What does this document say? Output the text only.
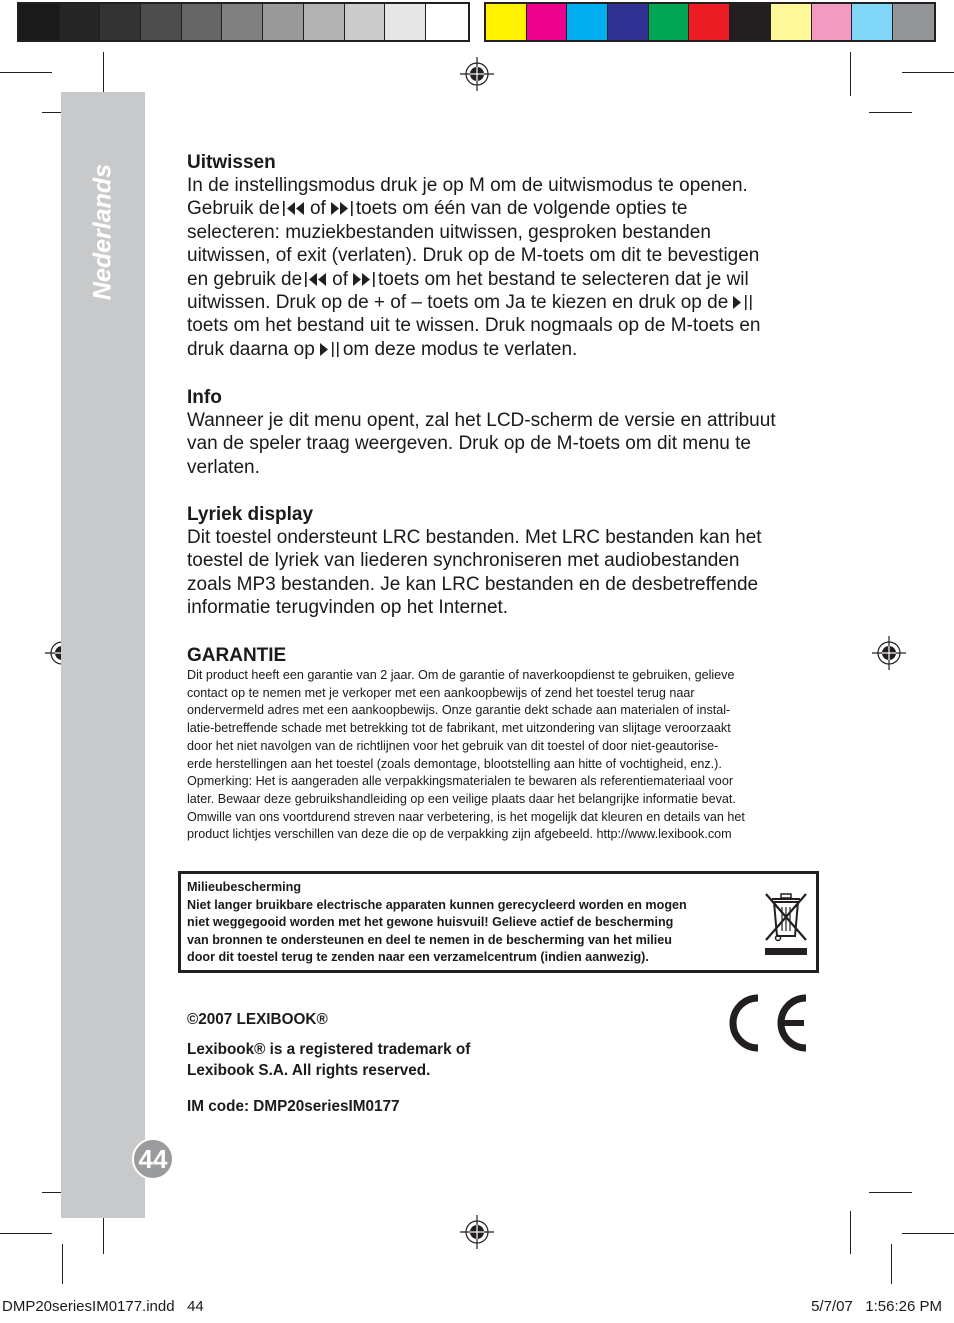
Nederlands
44
Uitwissen
In de instellingsmodus druk je op M om de uitwismodus te openen.
Gebruik de of toets om één van de volgende opties te
selecteren: muziekbestanden uitwissen, gesproken bestanden
uitwissen, of exit (verlaten). Druk op de M-toets om dit te bevestigen
en gebruik de of toets om het bestand te selecteren dat je wil
uitwissen. Druk op de + of – toets om Ja te kiezen en druk op de
toets om het bestand uit te wissen. Druk nogmaals op de M-toets en
druk daarna op om deze modus te verlaten.
Info
Wanneer je dit menu opent, zal het LCD-scherm de versie en attribuut
van de speler traag weergeven. Druk op de M-toets om dit menu te
verlaten.
Lyriek display
Dit toestel ondersteunt LRC bestanden. Met LRC bestanden kan het
toestel de lyriek van liederen synchroniseren met audiobestanden
zoals MP3 bestanden. Je kan LRC bestanden en de desbetreffende
informatie terugvinden op het Internet.
GARANTIE
Dit product heeft een garantie van 2 jaar. Om de garantie of naverkoopdienst te gebruiken, gelieve
contact op te nemen met je verkoper met een aankoopbewijs of zend het toestel terug naar
ondervermeld adres met een aankoopbewijs. Onze garantie dekt schade aan materialen of instal-
latie-betreffende schade met betrekking tot de fabrikant, met uitzondering van slijtage veroorzaakt
door het niet navolgen van de richtlijnen voor het gebruik van dit toestel of door niet-geautorise-
erde herstellingen aan het toestel (zoals demontage, blootstelling aan hitte of vochtigheid, enz.).
Opmerking: Het is aangeraden alle verpakkingsmaterialen te bewaren als referentiemateriaal voor
later. Bewaar deze gebruikshandleiding op een veilige plaats daar het belangrijke informatie bevat.
Omwille van ons voortdurend streven naar verbetering, is het mogelijk dat kleuren en details van het
product lichtjes verschillen van deze die op de verpakking zijn afgebeeld. http://www.lexibook.com
Milieubescherming
Niet langer bruikbare electrische apparaten kunnen gerecycleerd worden en mogen
niet weggegooid worden met het gewone huisvuil! Gelieve actief de bescherming
van bronnen te ondersteunen en deel te nemen in de bescherming van het milieu
door dit toestel terug te zenden naar een verzamelcentrum (indien aanwezig).
©2007 LEXIBOOK®
Lexibook® is a registered trademark of
Lexibook S.A. All rights reserved.
IM code: DMP20seriesIM0177
DMP20seriesIM0177.indd   44	5/7/07   1:56:26 PM
